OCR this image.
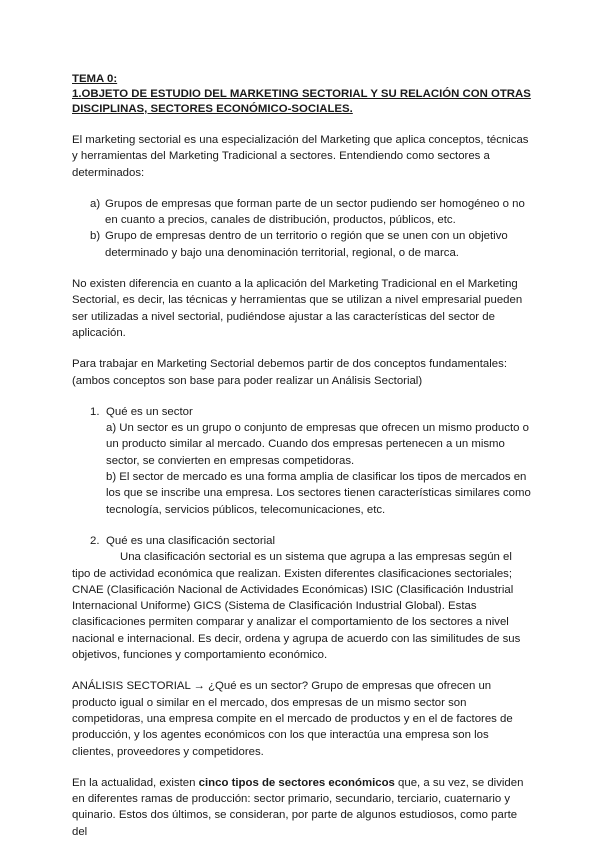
TEMA 0:
1.OBJETO DE ESTUDIO DEL MARKETING SECTORIAL Y SU RELACIÓN CON OTRAS DISCIPLINAS, SECTORES ECONÓMICO-SOCIALES.

El marketing sectorial es una especialización del Marketing que aplica conceptos, técnicas y herramientas del Marketing Tradicional a sectores. Entendiendo como sectores a determinados:

a) Grupos de empresas que forman parte de un sector pudiendo ser homogéneo o no en cuanto a precios, canales de distribución, productos, públicos, etc.
b) Grupo de empresas dentro de un territorio o región que se unen con un objetivo determinado y bajo una denominación territorial, regional, o de marca.

No existen diferencia en cuanto a la aplicación del Marketing Tradicional en el Marketing Sectorial, es decir, las técnicas y herramientas que se utilizan a nivel empresarial pueden ser utilizadas a nivel sectorial, pudiéndose ajustar a las características del sector de aplicación.

Para trabajar en Marketing Sectorial debemos partir de dos conceptos fundamentales: (ambos conceptos son base para poder realizar un Análisis Sectorial)

1. Qué es un sector

a) Un sector es un grupo o conjunto de empresas que ofrecen un mismo producto o un producto similar al mercado. Cuando dos empresas pertenecen a un mismo sector, se convierten en empresas competidoras.

b) El sector de mercado es una forma amplia de clasificar los tipos de mercados en los que se inscribe una empresa. Los sectores tienen características similares como tecnología, servicios públicos, telecomunicaciones, etc.

2. Qué es una clasificación sectorial

Una clasificación sectorial es un sistema que agrupa a las empresas según el tipo de actividad económica que realizan. Existen diferentes clasificaciones sectoriales; CNAE (Clasificación Nacional de Actividades Económicas) ISIC (Clasificación Industrial Internacional Uniforme) GICS (Sistema de Clasificación Industrial Global). Estas clasificaciones permiten comparar y analizar el comportamiento de los sectores a nivel nacional e internacional. Es decir, ordena y agrupa de acuerdo con las similitudes de sus objetivos, funciones y comportamiento económico.

ANÁLISIS SECTORIAL → ¿Qué es un sector? Grupo de empresas que ofrecen un producto igual o similar en el mercado, dos empresas de un mismo sector son competidoras, una empresa compite en el mercado de productos y en el de factores de producción, y los agentes económicos con los que interactúa una empresa son los clientes, proveedores y competidores.

En la actualidad, existen cinco tipos de sectores económicos que, a su vez, se dividen en diferentes ramas de producción: sector primario, secundario, terciario, cuaternario y quinario. Estos dos últimos, se consideran, por parte de algunos estudiosos, como parte del
